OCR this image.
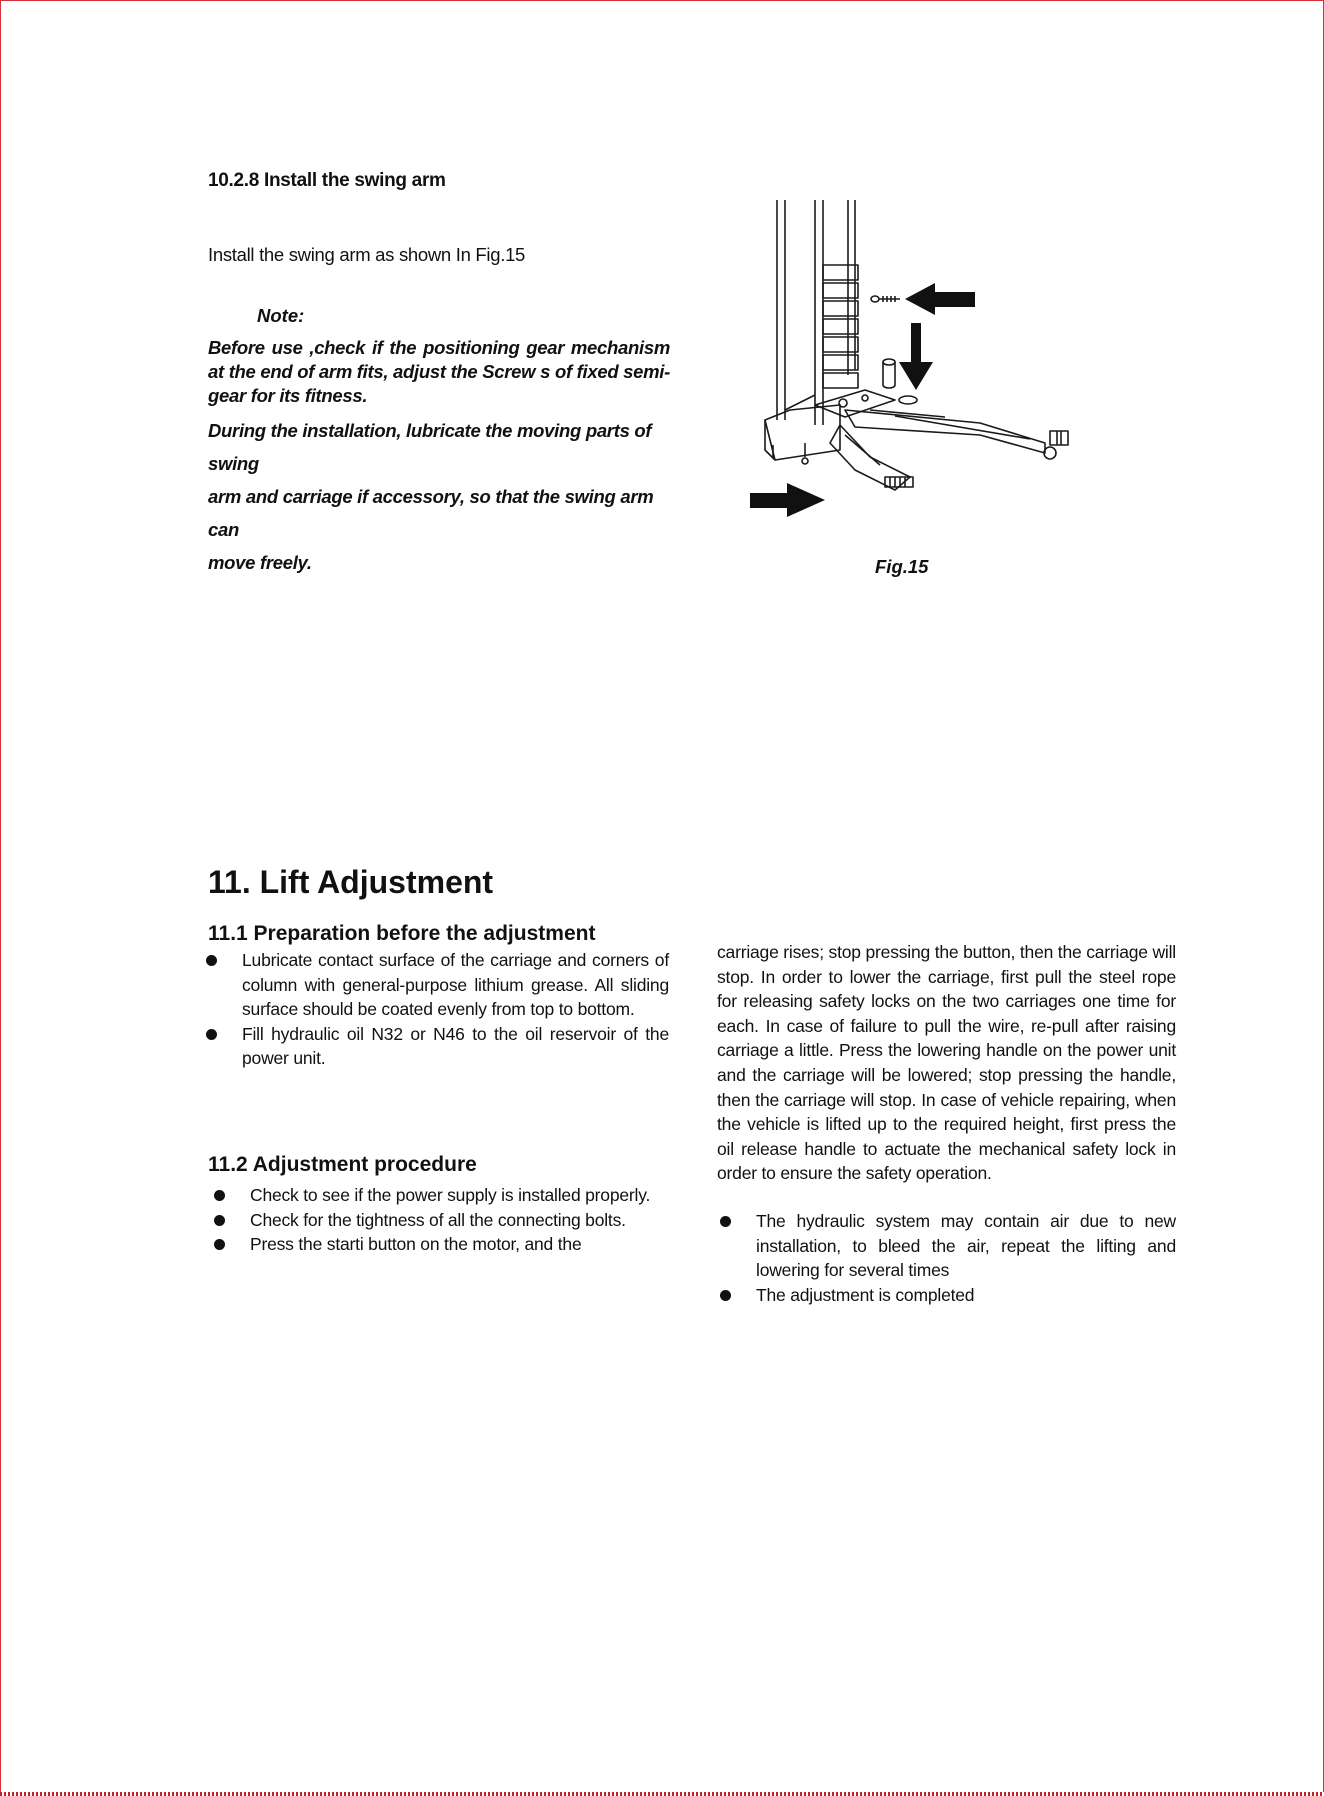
10.2.8 Install the swing arm
Install the swing arm as shown In Fig.15
Note:

Before use ,check if the positioning gear mechanism at the end of arm fits, adjust the Screw s of fixed semi-gear for its fitness.

During the installation, lubricate the moving parts of

swing

arm and carriage if accessory, so that the swing arm

can

move freely.	Fig.15
11. Lift Adjustment
11.1 Preparation before the adjustment
Lubricate contact surface of the carriage and corners of column with general-purpose lithium grease. All sliding surface should be coated evenly from top to bottom.
Fill hydraulic oil N32 or N46 to the oil reservoir of the power unit.
11.2 Adjustment procedure
Check to see if the power supply is installed properly.
Check for the tightness of all the connecting bolts.
Press the starti button on the motor, and the
carriage rises; stop pressing the button, then the carriage will stop. In order to lower the carriage, first pull the steel rope for releasing safety locks on the two carriages one time for each. In case of failure to pull the wire, re-pull after raising carriage a little. Press the lowering handle on the power unit and the carriage will be lowered; stop pressing the handle, then the carriage will stop. In case of vehicle repairing, when the vehicle is lifted up to the required height, first press the oil release handle to actuate the mechanical safety lock in order to ensure the safety operation.
The hydraulic system may contain air due to new installation, to bleed the air, repeat the lifting and lowering for several times
The adjustment is completed
